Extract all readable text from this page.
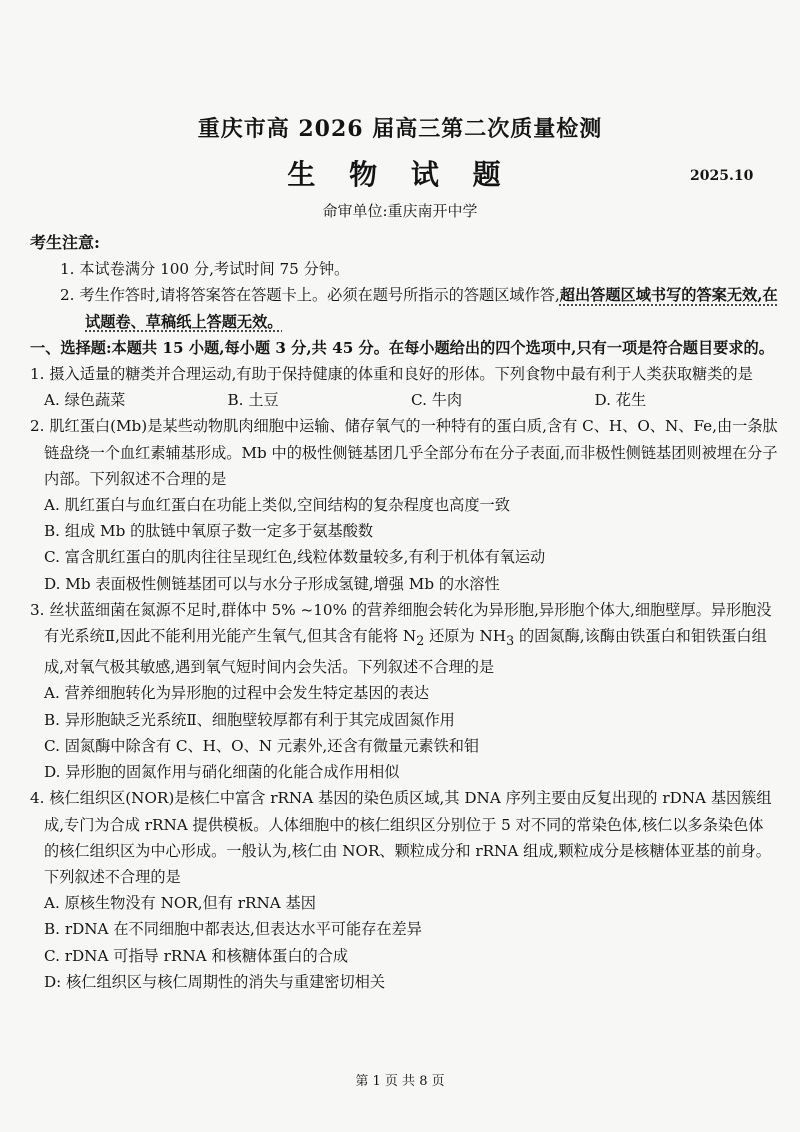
重庆市高 2026 届高三第二次质量检测
生 物 试 题	2025.10
命审单位:重庆南开中学
考生注意:
1. 本试卷满分 100 分,考试时间 75 分钟。
2. 考生作答时,请将答案答在答题卡上。必须在题号所指示的答题区域作答,超出答题区域书写的答案无效,在试题卷、草稿纸上答题无效。
一、选择题:本题共 15 小题,每小题 3 分,共 45 分。在每小题给出的四个选项中,只有一项是符合题目要求的。
1. 摄入适量的糖类并合理运动,有助于保持健康的体重和良好的形体。下列食物中最有利于人类获取糖类的是
A. 绿色蔬菜	B. 土豆	C. 牛肉	D. 花生
2. 肌红蛋白(Mb)是某些动物肌肉细胞中运输、储存氧气的一种特有的蛋白质,含有 C、H、O、N、Fe,由一条肽链盘绕一个血红素辅基形成。Mb 中的极性侧链基团几乎全部分布在分子表面,而非极性侧链基团则被埋在分子内部。下列叙述不合理的是
A. 肌红蛋白与血红蛋白在功能上类似,空间结构的复杂程度也高度一致
B. 组成 Mb 的肽链中氧原子数一定多于氨基酸数
C. 富含肌红蛋白的肌肉往往呈现红色,线粒体数量较多,有利于机体有氧运动
D. Mb 表面极性侧链基团可以与水分子形成氢键,增强 Mb 的水溶性
3. 丝状蓝细菌在氮源不足时,群体中 5% ~10% 的营养细胞会转化为异形胞,异形胞个体大,细胞壁厚。异形胞没有光系统Ⅱ,因此不能利用光能产生氧气,但其含有能将 $N_2$ 还原为 $NH_3$ 的固氮酶,该酶由铁蛋白和钼铁蛋白组成,对氧气极其敏感,遇到氧气短时间内会失活。下列叙述不合理的是
A. 营养细胞转化为异形胞的过程中会发生特定基因的表达
B. 异形胞缺乏光系统Ⅱ、细胞壁较厚都有利于其完成固氮作用
C. 固氮酶中除含有 C、H、O、N 元素外,还含有微量元素铁和钼
D. 异形胞的固氮作用与硝化细菌的化能合成作用相似
4. 核仁组织区(NOR)是核仁中富含 rRNA 基因的染色质区域,其 DNA 序列主要由反复出现的 rDNA 基因簇组成,专门为合成 rRNA 提供模板。人体细胞中的核仁组织区分别位于 5 对不同的常染色体,核仁以多条染色体的核仁组织区为中心形成。一般认为,核仁由 NOR、颗粒成分和 rRNA 组成,颗粒成分是核糖体亚基的前身。下列叙述不合理的是
A. 原核生物没有 NOR,但有 rRNA 基因
B. rDNA 在不同细胞中都表达,但表达水平可能存在差异
C. rDNA 可指导 rRNA 和核糖体蛋白的合成
D: 核仁组织区与核仁周期性的消失与重建密切相关
第 1 页 共 8 页
